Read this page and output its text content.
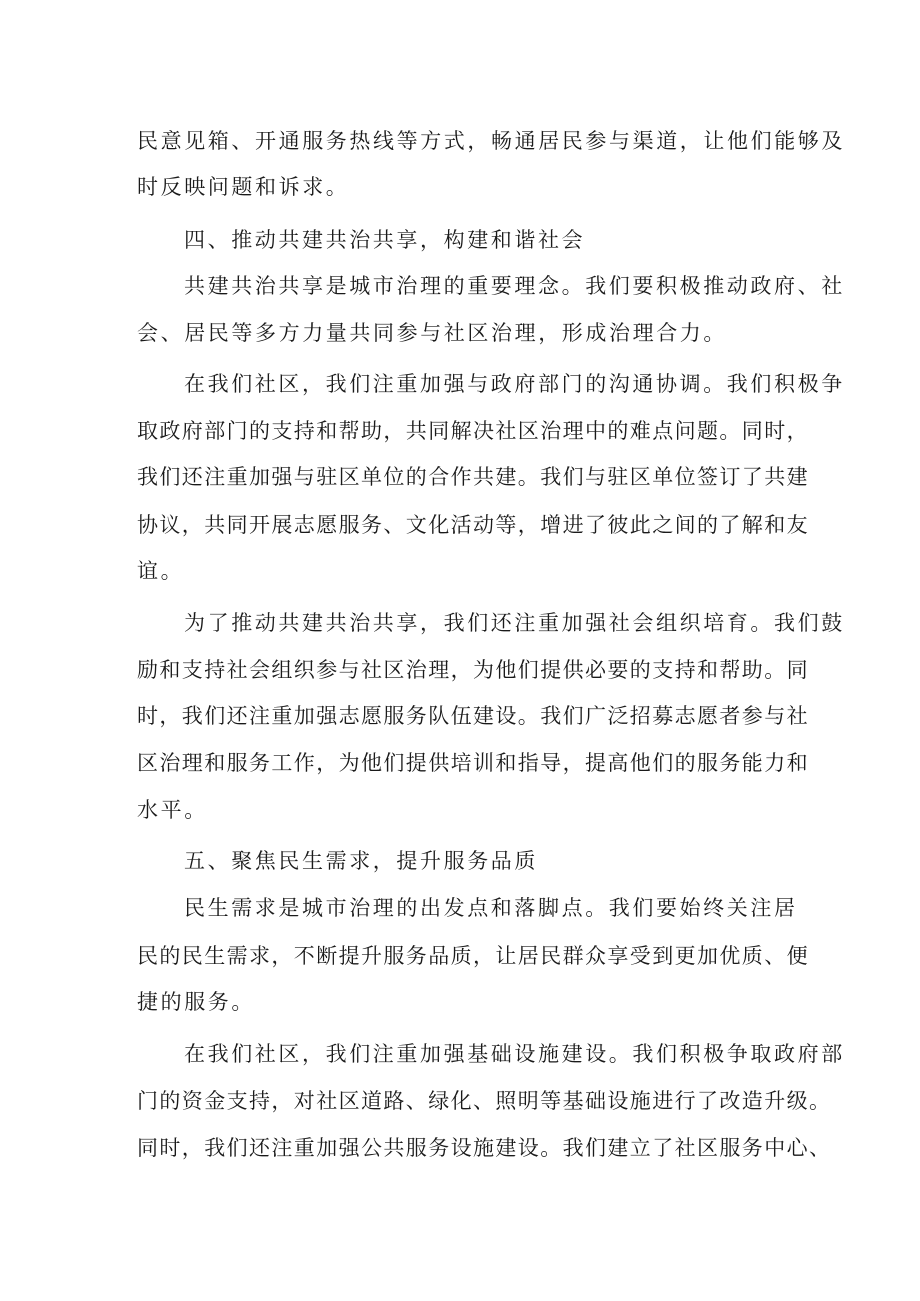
民意见箱、开通服务热线等方式，畅通居民参与渠道，让他们能够及

时反映问题和诉求。

四、推动共建共治共享，构建和谐社会

共建共治共享是城市治理的重要理念。我们要积极推动政府、社

会、居民等多方力量共同参与社区治理，形成治理合力。

在我们社区，我们注重加强与政府部门的沟通协调。我们积极争

取政府部门的支持和帮助，共同解决社区治理中的难点问题。同时，

我们还注重加强与驻区单位的合作共建。我们与驻区单位签订了共建

协议，共同开展志愿服务、文化活动等，增进了彼此之间的了解和友

谊。

为了推动共建共治共享，我们还注重加强社会组织培育。我们鼓

励和支持社会组织参与社区治理，为他们提供必要的支持和帮助。同

时，我们还注重加强志愿服务队伍建设。我们广泛招募志愿者参与社

区治理和服务工作，为他们提供培训和指导，提高他们的服务能力和

水平。

五、聚焦民生需求，提升服务品质

民生需求是城市治理的出发点和落脚点。我们要始终关注居

民的民生需求，不断提升服务品质，让居民群众享受到更加优质、便

捷的服务。

在我们社区，我们注重加强基础设施建设。我们积极争取政府部

门的资金支持，对社区道路、绿化、照明等基础设施进行了改造升级。

同时，我们还注重加强公共服务设施建设。我们建立了社区服务中心、
